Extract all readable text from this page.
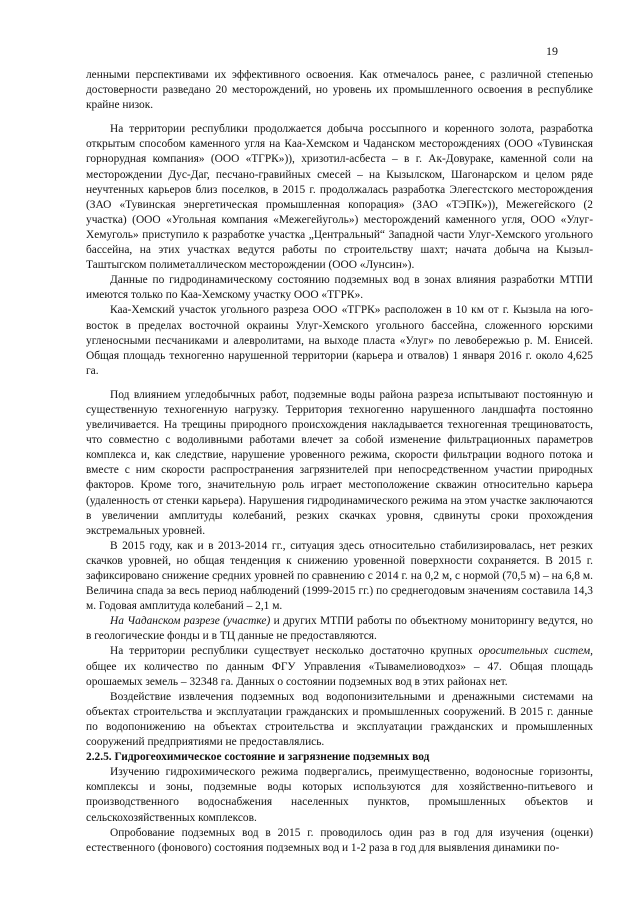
19

ленными перспективами их эффективного освоения. Как отмечалось ранее, с различной степенью достоверности разведано 20 месторождений, но уровень их промышленного освоения в республике крайне низок.

На территории республики продолжается добыча россыпного и коренного золота, разработка открытым способом каменного угля на Каа-Хемском и Чаданском месторождениях (ООО «Тувинская горнорудная компания» (ООО «ТГРК»)), хризотил-асбеста – в г. Ак-Довураке, каменной соли на месторождении Дус-Даг, песчано-гравийных смесей – на Кызылском, Шагонарском и целом ряде неучтенных карьеров близ поселков, в 2015 г. продолжалась разработка Элегестского месторождения (ЗАО «Тувинская энергетическая промышленная копорация» (ЗАО «ТЭПК»)), Межегейского (2 участка) (ООО «Угольная компания «Межегейуголь») месторождений каменного угля, ООО «Улуг-Хемуголь» приступило к разработке участка „Центральный“ Западной части Улуг-Хемского угольного бассейна, на этих участках ведутся работы по строительству шахт; начата добыча на Кызыл-Таштыгском полиметаллическом месторождении (ООО «Лунсин»).

Данные по гидродинамическому состоянию подземных вод в зонах влияния разработки МТПИ имеются только по Каа-Хемскому участку ООО «ТГРК».

Каа-Хемский участок угольного разреза ООО «ТГРК» расположен в 10 км от г. Кызыла на юго-восток в пределах восточной окраины Улуг-Хемского угольного бассейна, сложенного юрскими угленосными песчаниками и алевролитами, на выходе пласта «Улуг» по левобережью р. М. Енисей. Общая площадь техногенно нарушенной территории (карьера и отвалов) 1 января 2016 г. около 4,625 га.

Под влиянием угледобычных работ, подземные воды района разреза испытывают постоянную и существенную техногенную нагрузку. Территория техногенно нарушенного ландшафта постоянно увеличивается. На трещины природного происхождения накладывается техногенная трещиноватость, что совместно с водоливными работами влечет за собой изменение фильтрационных параметров комплекса и, как следствие, нарушение уровенного режима, скорости фильтрации водного потока и вместе с ним скорости распространения загрязнителей при непосредственном участии природных факторов. Кроме того, значительную роль играет местоположение скважин относительно карьера (удаленность от стенки карьера). Нарушения гидродинамического режима на этом участке заключаются в увеличении амплитуды колебаний, резких скачках уровня, сдвинуты сроки прохождения экстремальных уровней.

В 2015 году, как и в 2013-2014 гг., ситуация здесь относительно стабилизировалась, нет резких скачков уровней, но общая тенденция к снижению уровенной поверхности сохраняется. В 2015 г. зафиксировано снижение средних уровней по сравнению с 2014 г. на 0,2 м, с нормой (70,5 м) – на 6,8 м. Величина спада за весь период наблюдений (1999-2015 гг.) по среднегодовым значениям составила 14,3 м. Годовая амплитуда колебаний – 2,1 м.

На Чаданском разрезе (участке) и других МТПИ работы по объектному мониторингу ведутся, но в геологические фонды и в ТЦ данные не предоставляются.

На территории республики существует несколько достаточно крупных оросительных систем, общее их количество по данным ФГУ Управления «Тывамелиоводхоз» – 47. Общая площадь орошаемых земель – 32348 га. Данных о состоянии подземных вод в этих районах нет.

Воздействие извлечения подземных вод водопонизительными и дренажными системами на объектах строительства и эксплуатации гражданских и промышленных сооружений. В 2015 г. данные по водопонижению на объектах строительства и эксплуатации гражданских и промышленных сооружений предприятиями не предоставлялись.

2.2.5. Гидрогеохимическое состояние и загрязнение подземных вод

Изучению гидрохимического режима подвергались, преимущественно, водоносные горизонты, комплексы и зоны, подземные воды которых используются для хозяйственно-питьевого и производственного водоснабжения населенных пунктов, промышленных объектов и сельскохозяйственных комплексов.

Опробование подземных вод в 2015 г. проводилось один раз в год для изучения (оценки) естественного (фонового) состояния подземных вод и 1-2 раза в год для выявления динамики по-
